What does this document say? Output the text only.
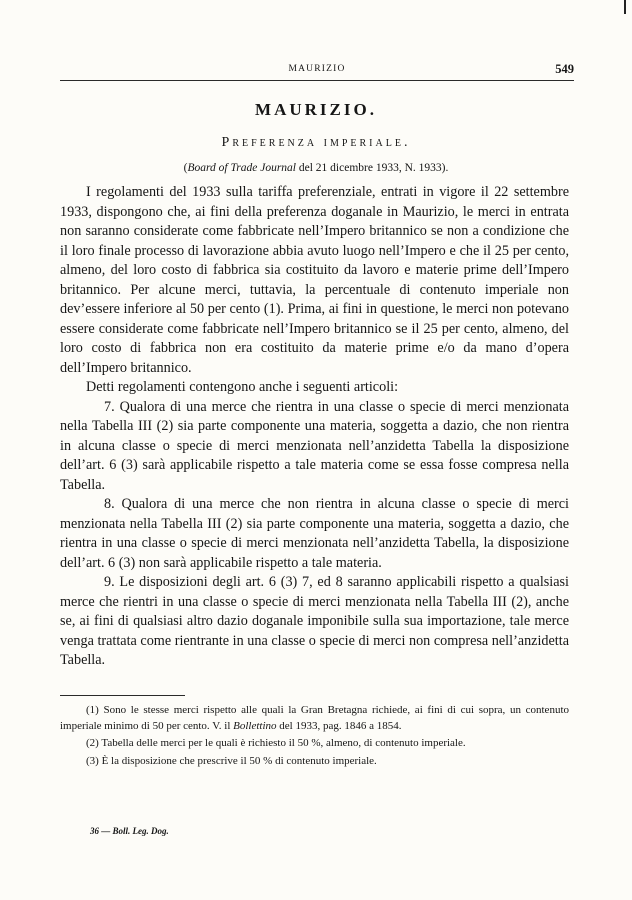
MAURIZIO	549
MAURIZIO.
Preferenza imperiale.
(Board of Trade Journal del 21 dicembre 1933, N. 1933).

I regolamenti del 1933 sulla tariffa preferenziale, entrati in vigore il 22 settembre 1933, dispongono che, ai fini della preferenza doganale in Maurizio, le merci in entrata non saranno considerate come fabbricate nell’Impero britannico se non a condizione che il loro finale processo di lavorazione abbia avuto luogo nell’Impero e che il 25 per cento, almeno, del loro costo di fabbrica sia costituito da lavoro e materie prime dell’Impero britannico. Per alcune merci, tuttavia, la percentuale di contenuto imperiale non dev’essere inferiore al 50 per cento (1). Prima, ai fini in questione, le merci non potevano essere considerate come fabbricate nell’Impero britannico se il 25 per cento, almeno, del loro costo di fabbrica non era costituito da materie prime e/o da mano d’opera dell’Impero britannico.

Detti regolamenti contengono anche i seguenti articoli:

7. Qualora di una merce che rientra in una classe o specie di merci menzionata nella Tabella III (2) sia parte componente una materia, soggetta a dazio, che non rientra in alcuna classe o specie di merci menzionata nell’anzidetta Tabella la disposizione dell’art. 6 (3) sarà applicabile rispetto a tale materia come se essa fosse compresa nella Tabella.

8. Qualora di una merce che non rientra in alcuna classe o specie di merci menzionata nella Tabella III (2) sia parte componente una materia, soggetta a dazio, che rientra in una classe o specie di merci menzionata nell’anzidetta Tabella, la disposizione dell’art. 6 (3) non sarà applicabile rispetto a tale materia.

9. Le disposizioni degli art. 6 (3) 7, ed 8 saranno applicabili rispetto a qualsiasi merce che rientri in una classe o specie di merci menzionata nella Tabella III (2), anche se, ai fini di qualsiasi altro dazio doganale imponibile sulla sua importazione, tale merce venga trattata come rientrante in una classe o specie di merci non compresa nell’anzidetta Tabella.

(1) Sono le stesse merci rispetto alle quali la Gran Bretagna richiede, ai fini di cui sopra, un contenuto imperiale minimo di 50 per cento. V. il Bollettino del 1933, pag. 1846 a 1854.

(2) Tabella delle merci per le quali è richiesto il 50 %, almeno, di contenuto imperiale.

(3) È la disposizione che prescrive il 50 % di contenuto imperiale.

36 — Boll. Leg. Dog.
